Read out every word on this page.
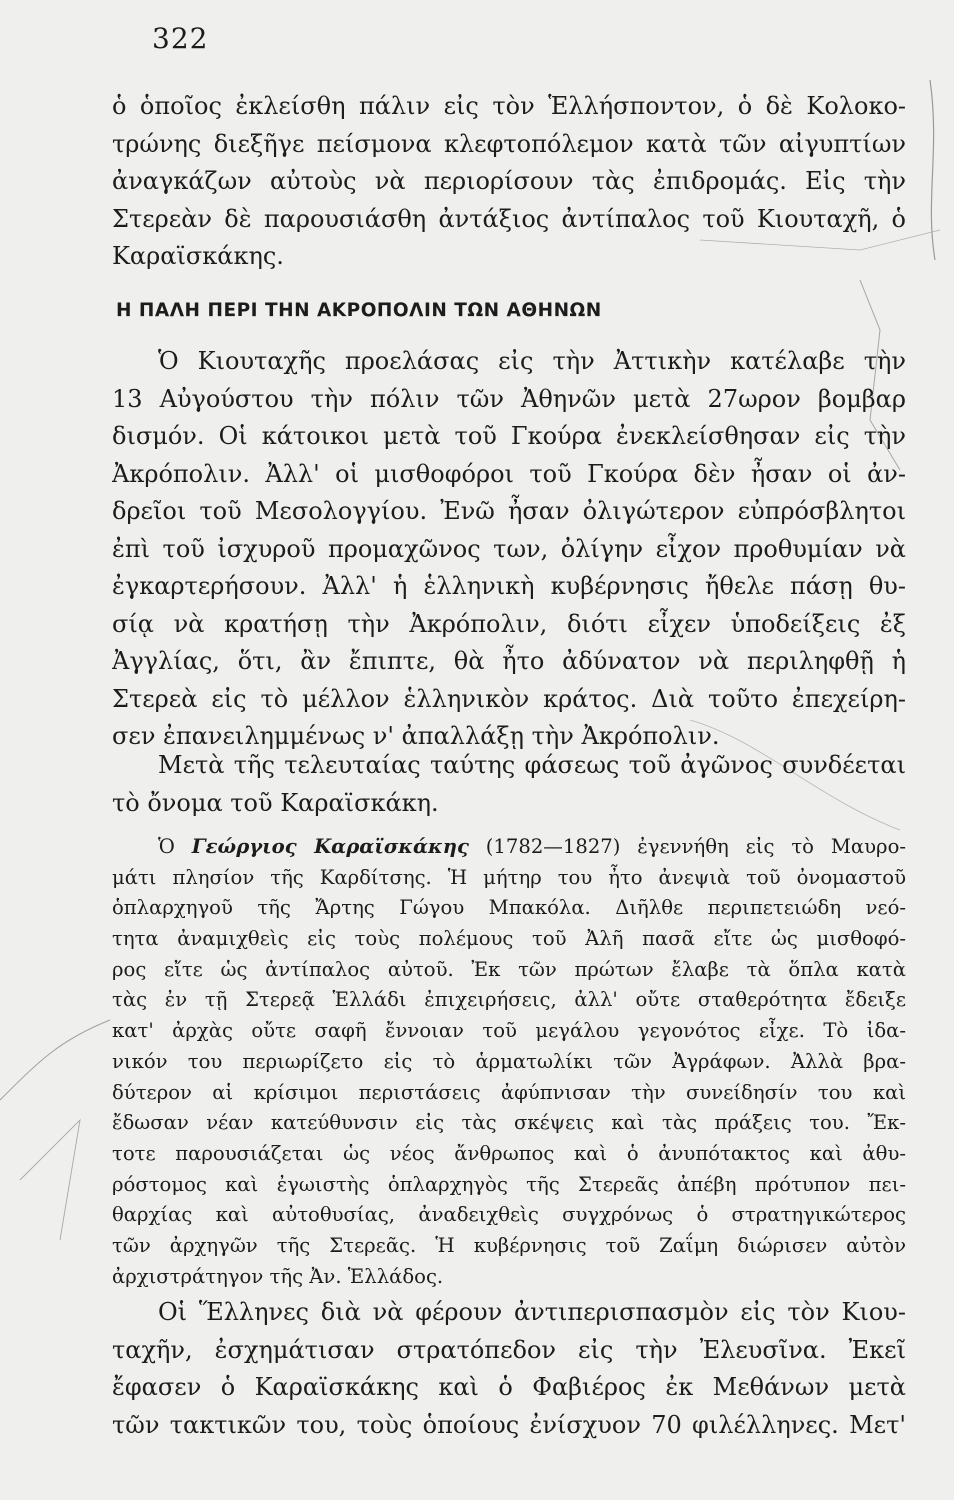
322
ὁ ὁποῖος ἐκλείσθη πάλιν εἰς τὸν Ἑλλήσποντον, ὁ δὲ Κολοκο-
τρώνης διεξῆγε πείσμονα κλεφτοπόλεμον κατὰ τῶν αἰγυπτίων
ἀναγκάζων αὐτοὺς νὰ περιορίσουν τὰς ἐπιδρομάς. Εἰς τὴν
Στερεὰν δὲ παρουσιάσθη ἀντάξιος ἀντίπαλος τοῦ Κιουταχῆ, ὁ
Καραϊσκάκης.
Η ΠΑΛΗ ΠΕΡΙ ΤΗΝ ΑΚΡΟΠΟΛΙΝ ΤΩΝ ΑΘΗΝΩΝ
Ὁ Κιουταχῆς προελάσας εἰς τὴν Ἀττικὴν κατέλαβε τὴν
13 Αὐγούστου τὴν πόλιν τῶν Ἀθηνῶν μετὰ 27ωρον βομβαρ
δισμόν. Οἱ κάτοικοι μετὰ τοῦ Γκούρα ἐνεκλείσθησαν εἰς τὴν
Ἀκρόπολιν. Ἀλλ' οἱ μισθοφόροι τοῦ Γκούρα δὲν ἦσαν οἱ ἀν-
δρεῖοι τοῦ Μεσολογγίου. Ἐνῶ ἦσαν ὀλιγώτερον εὐπρόσβλητοι
ἐπὶ τοῦ ἰσχυροῦ προμαχῶνος των, ὀλίγην εἶχον προθυμίαν νὰ
ἐγκαρτερήσουν. Ἀλλ' ἡ ἑλληνικὴ κυβέρνησις ἤθελε πάσῃ θυ-
σίᾳ νὰ κρατήσῃ τὴν Ἀκρόπολιν, διότι εἶχεν ὑποδείξεις ἐξ
Ἀγγλίας, ὅτι, ἂν ἔπιπτε, θὰ ἦτο ἀδύνατον νὰ περιληφθῇ ἡ
Στερεὰ εἰς τὸ μέλλον ἑλληνικὸν κράτος. Διὰ τοῦτο ἐπεχείρη-
σεν ἐπανειλημμένως ν' ἀπαλλάξῃ τὴν Ἀκρόπολιν.
Μετὰ τῆς τελευταίας ταύτης φάσεως τοῦ ἀγῶνος συνδέεται
τὸ ὄνομα τοῦ Καραϊσκάκη.
Ὁ Γεώργιος Καραϊσκάκης (1782—1827) ἐγεννήθη εἰς τὸ Μαυρο-
μάτι πλησίον τῆς Καρδίτσης. Ἡ μήτηρ του ἦτο ἀνεψιὰ τοῦ ὀνομαστοῦ
ὁπλαρχηγοῦ τῆς Ἄρτης Γώγου Μπακόλα. Διῆλθε περιπετειώδη νεό-
τητα ἀναμιχθεὶς εἰς τοὺς πολέμους τοῦ Ἀλῆ πασᾶ εἴτε ὡς μισθοφό-
ρος εἴτε ὡς ἀντίπαλος αὐτοῦ. Ἐκ τῶν πρώτων ἔλαβε τὰ ὅπλα κατὰ
τὰς ἐν τῇ Στερεᾷ Ἑλλάδι ἐπιχειρήσεις, ἀλλ' οὔτε σταθερότητα ἔδειξε
κατ' ἀρχὰς οὔτε σαφῆ ἔννοιαν τοῦ μεγάλου γεγονότος εἶχε. Τὸ ἰδα-
νικόν του περιωρίζετο εἰς τὸ ἁρματωλίκι τῶν Ἀγράφων. Ἀλλὰ βρα-
δύτερον αἱ κρίσιμοι περιστάσεις ἀφύπνισαν τὴν συνείδησίν του καὶ
ἔδωσαν νέαν κατεύθυνσιν εἰς τὰς σκέψεις καὶ τὰς πράξεις του. Ἔκ-
τοτε παρουσιάζεται ὡς νέος ἄνθρωπος καὶ ὁ ἀνυπότακτος καὶ ἀθυ-
ρόστομος καὶ ἐγωιστὴς ὁπλαρχηγὸς τῆς Στερεᾶς ἀπέβη πρότυπον πει-
θαρχίας καὶ αὐτοθυσίας, ἀναδειχθεὶς συγχρόνως ὁ στρατηγικώτερος
τῶν ἀρχηγῶν τῆς Στερεᾶς. Ἡ κυβέρνησις τοῦ Ζαΐμη διώρισεν αὐτὸν
ἀρχιστράτηγον τῆς Ἀν. Ἑλλάδος.
Οἱ Ἕλληνες διὰ νὰ φέρουν ἀντιπερισπασμὸν εἰς τὸν Κιου-
ταχῆν, ἐσχημάτισαν στρατόπεδον εἰς τὴν Ἐλευσῖνα. Ἐκεῖ
ἔφασεν ὁ Καραϊσκάκης καὶ ὁ Φαβιέρος ἐκ Μεθάνων μετὰ
τῶν τακτικῶν του, τοὺς ὁποίους ἐνίσχυον 70 φιλέλληνες. Μετ'
